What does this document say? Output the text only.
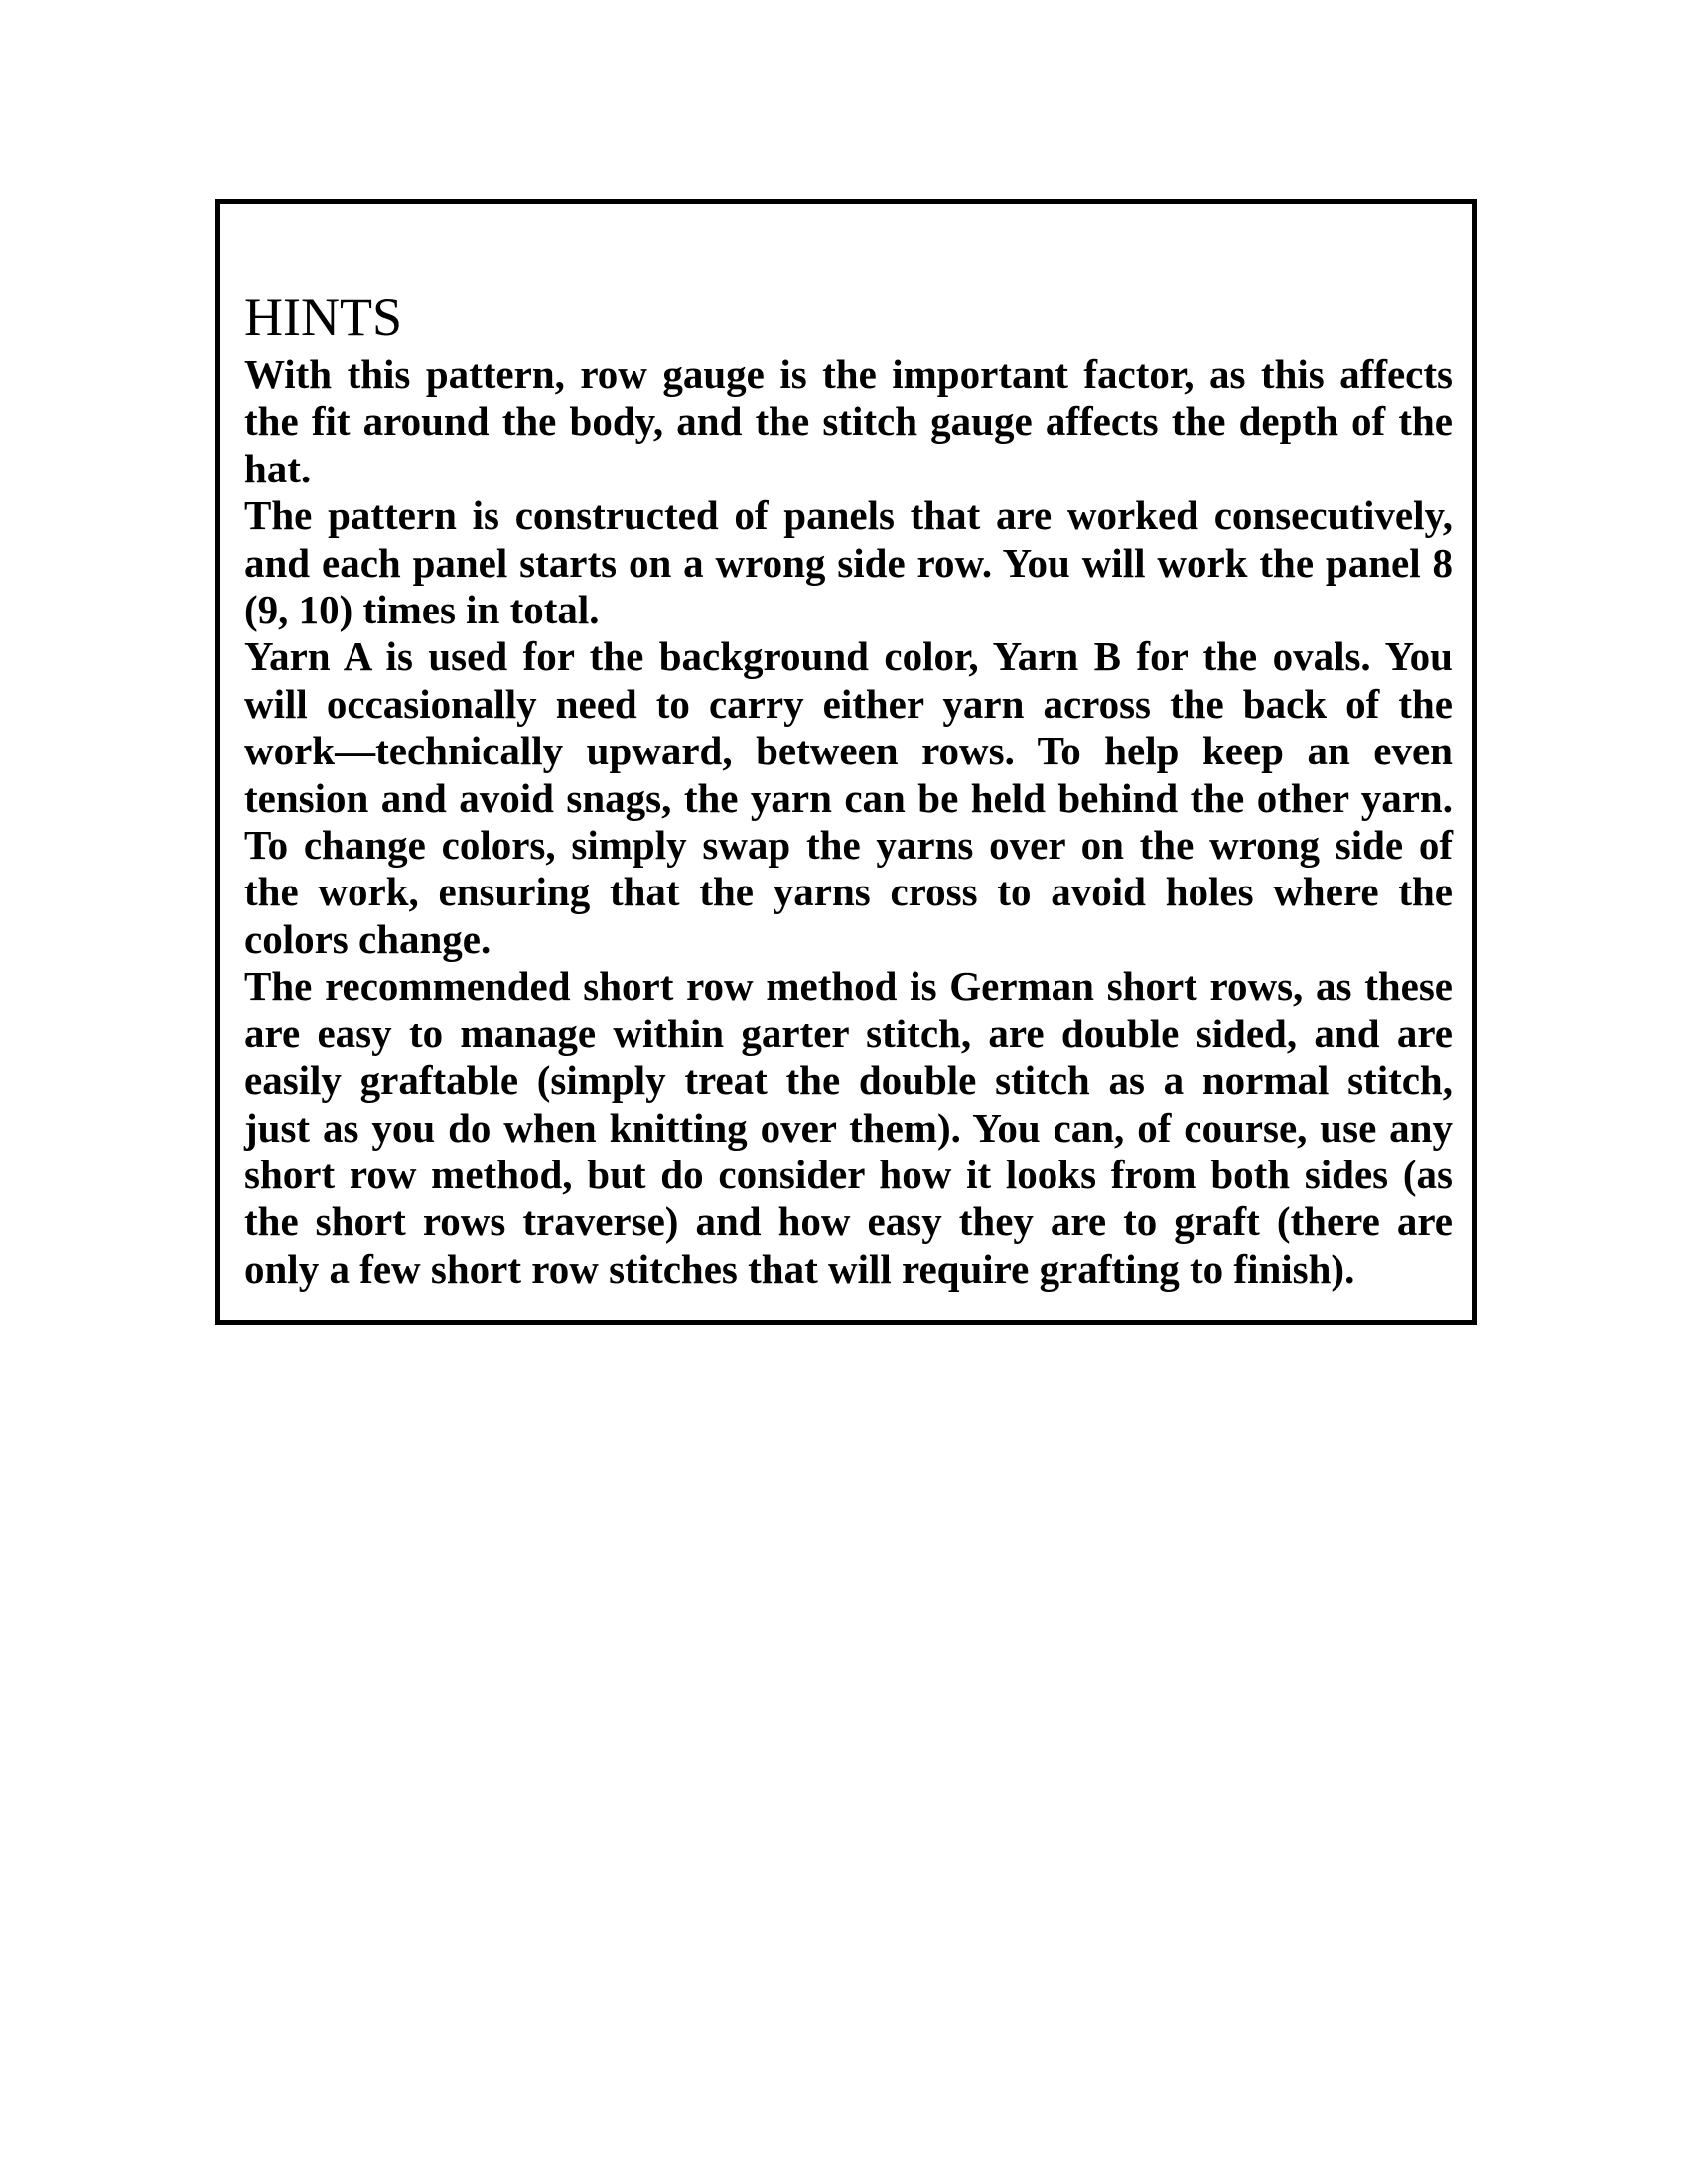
HINTS
With this pattern, row gauge is the important factor, as this affects
the fit around the body, and the stitch gauge affects the depth of the
hat.
The pattern is constructed of panels that are worked consecutively,
and each panel starts on a wrong side row. You will work the panel 8
(9, 10) times in total.
Yarn A is used for the background color, Yarn B for the ovals. You
will occasionally need to carry either yarn across the back of the
work—technically upward, between rows. To help keep an even
tension and avoid snags, the yarn can be held behind the other yarn.
To change colors, simply swap the yarns over on the wrong side of
the work, ensuring that the yarns cross to avoid holes where the
colors change.
The recommended short row method is German short rows, as these
are easy to manage within garter stitch, are double sided, and are
easily graftable (simply treat the double stitch as a normal stitch,
just as you do when knitting over them). You can, of course, use any
short row method, but do consider how it looks from both sides (as
the short rows traverse) and how easy they are to graft (there are
only a few short row stitches that will require grafting to finish).
